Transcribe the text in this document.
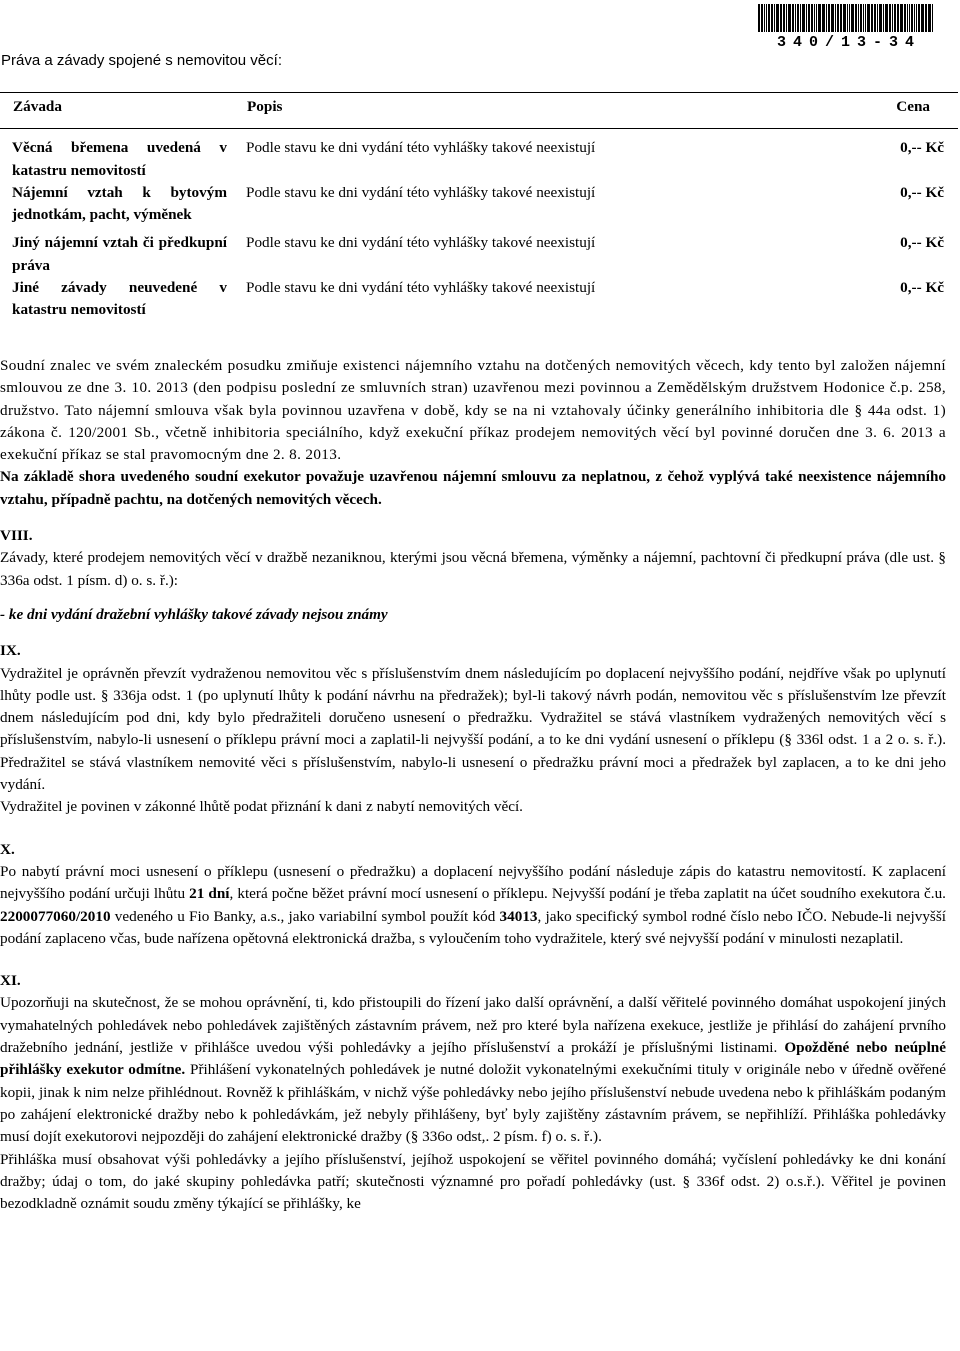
340/13-34
Práva a závady spojené s nemovitou věcí:
Závada	Popis	Cena
Věcná břemena uvedená v katastru nemovitostí	Podle stavu ke dni vydání této vyhlášky takové neexistují	0,-- Kč
Nájemní vztah k bytovým jednotkám, pacht, výměnek	Podle stavu ke dni vydání této vyhlášky takové neexistují	0,-- Kč
Jiný nájemní vztah či předkupní práva	Podle stavu ke dni vydání této vyhlášky takové neexistují	0,-- Kč
Jiné závady neuvedené v katastru nemovitostí	Podle stavu ke dni vydání této vyhlášky takové neexistují	0,-- Kč

Soudní znalec ve svém znaleckém posudku zmiňuje existenci nájemního vztahu na dotčených nemovitých věcech, kdy tento byl založen nájemní smlouvou ze dne 3. 10. 2013 (den podpisu poslední ze smluvních stran) uzavřenou mezi povinnou a Zemědělským družstvem Hodonice č.p. 258, družstvo. Tato nájemní smlouva však byla povinnou uzavřena v době, kdy se na ni vztahovaly účinky generálního inhibitoria dle § 44a odst. 1) zákona č. 120/2001 Sb., včetně inhibitoria speciálního, když exekuční příkaz prodejem nemovitých věcí byl povinné doručen dne 3. 6. 2013 a exekuční příkaz se stal pravomocným dne 2. 8. 2013.

Na základě shora uvedeného soudní exekutor považuje uzavřenou nájemní smlouvu za neplatnou, z čehož vyplývá také neexistence nájemního vztahu, případně pachtu, na dotčených nemovitých věcech.

VIII.

Závady, které prodejem nemovitých věcí v dražbě nezaniknou, kterými jsou věcná břemena, výměnky a nájemní, pachtovní či předkupní práva (dle ust. § 336a odst. 1 písm. d) o. s. ř.):

- ke dni vydání dražební vyhlášky takové závady nejsou známy

IX.

Vydražitel je oprávněn převzít vydraženou nemovitou věc s příslušenstvím dnem následujícím po doplacení nejvyššího podání, nejdříve však po uplynutí lhůty podle ust. § 336ja odst. 1 (po uplynutí lhůty k podání návrhu na předražek); byl-li takový návrh podán, nemovitou věc s příslušenstvím lze převzít dnem následujícím pod dni, kdy bylo předražiteli doručeno usnesení o předražku. Vydražitel se stává vlastníkem vydražených nemovitých věcí s příslušenstvím, nabylo-li usnesení o příklepu právní moci a zaplatil-li nejvyšší podání, a to ke dni vydání usnesení o příklepu (§ 336l odst. 1 a 2 o. s. ř.). Předražitel se stává vlastníkem nemovité věci s příslušenstvím, nabylo-li usnesení o předražku právní moci a předražek byl zaplacen, a to ke dni jeho vydání.

Vydražitel je povinen v zákonné lhůtě podat přiznání k dani z nabytí nemovitých věcí.

X.

Po nabytí právní moci usnesení o příklepu (usnesení o předražku) a doplacení nejvyššího podání následuje zápis do katastru nemovitostí. K zaplacení nejvyššího podání určuji lhůtu 21 dní, která počne běžet právní mocí usnesení o příklepu. Nejvyšší podání je třeba zaplatit na účet soudního exekutora č.u. 2200077060/2010 vedeného u Fio Banky, a.s., jako variabilní symbol použít kód 34013, jako specifický symbol rodné číslo nebo IČO. Nebude-li nejvyšší podání zaplaceno včas, bude nařízena opětovná elektronická dražba, s vyloučením toho vydražitele, který své nejvyšší podání v minulosti nezaplatil.

XI.

Upozorňuji na skutečnost, že se mohou oprávnění, ti, kdo přistoupili do řízení jako další oprávnění, a další věřitelé povinného domáhat uspokojení jiných vymahatelných pohledávek nebo pohledávek zajištěných zástavním právem, než pro které byla nařízena exekuce, jestliže je přihlásí do zahájení prvního dražebního jednání, jestliže v přihlášce uvedou výši pohledávky a jejího příslušenství a prokáží je příslušnými listinami. Opožděné nebo neúplné přihlášky exekutor odmítne. Přihlášení vykonatelných pohledávek je nutné doložit vykonatelnými exekučními tituly v originále nebo v úředně ověřené kopii, jinak k nim nelze přihlédnout. Rovněž k přihláškám, v nichž výše pohledávky nebo jejího příslušenství nebude uvedena nebo k přihláškám podaným po zahájení elektronické dražby nebo k pohledávkám, jež nebyly přihlášeny, byť byly zajištěny zástavním právem, se nepřihlíží. Přihláška pohledávky musí dojít exekutorovi nejpozději do zahájení elektronické dražby (§ 336o odst,. 2 písm. f) o. s. ř.).

Přihláška musí obsahovat výši pohledávky a jejího příslušenství, jejíhož uspokojení se věřitel povinného domáhá; vyčíslení pohledávky ke dni konání dražby; údaj o tom, do jaké skupiny pohledávka patří; skutečnosti významné pro pořadí pohledávky (ust. § 336f odst. 2) o.s.ř.). Věřitel je povinen bezodkladně oznámit soudu změny týkající se přihlášky, ke
